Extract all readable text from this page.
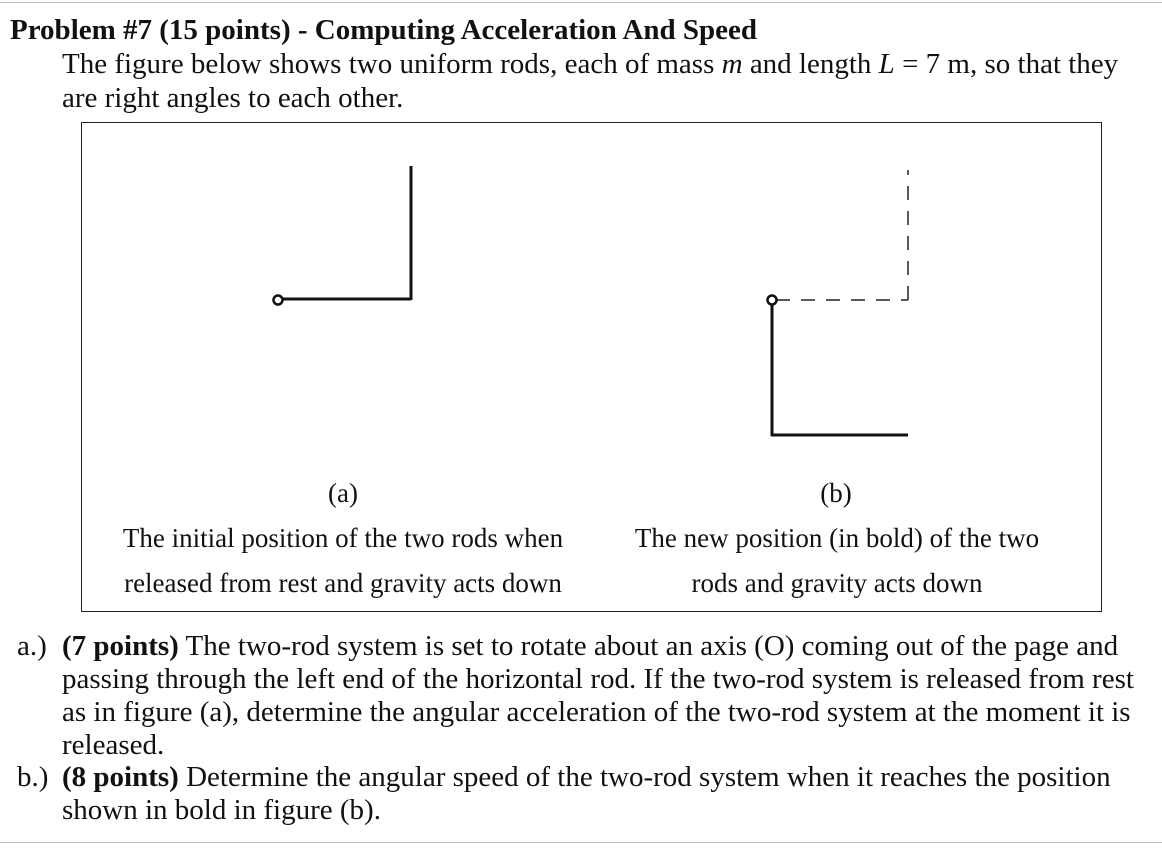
Problem #7 (15 points) - Computing Acceleration And Speed
The figure below shows two uniform rods, each of mass m and length L = 7 m, so that they are right angles to each other.
(a)	(b)
The initial position of the two rods when
released from rest and gravity acts down
The new position (in bold) of the two
rods and gravity acts down
a.) (7 points) The two-rod system is set to rotate about an axis (O) coming out of the page and passing through the left end of the horizontal rod. If the two-rod system is released from rest as in figure (a), determine the angular acceleration of the two-rod system at the moment it is released.
b.) (8 points) Determine the angular speed of the two-rod system when it reaches the position shown in bold in figure (b).
